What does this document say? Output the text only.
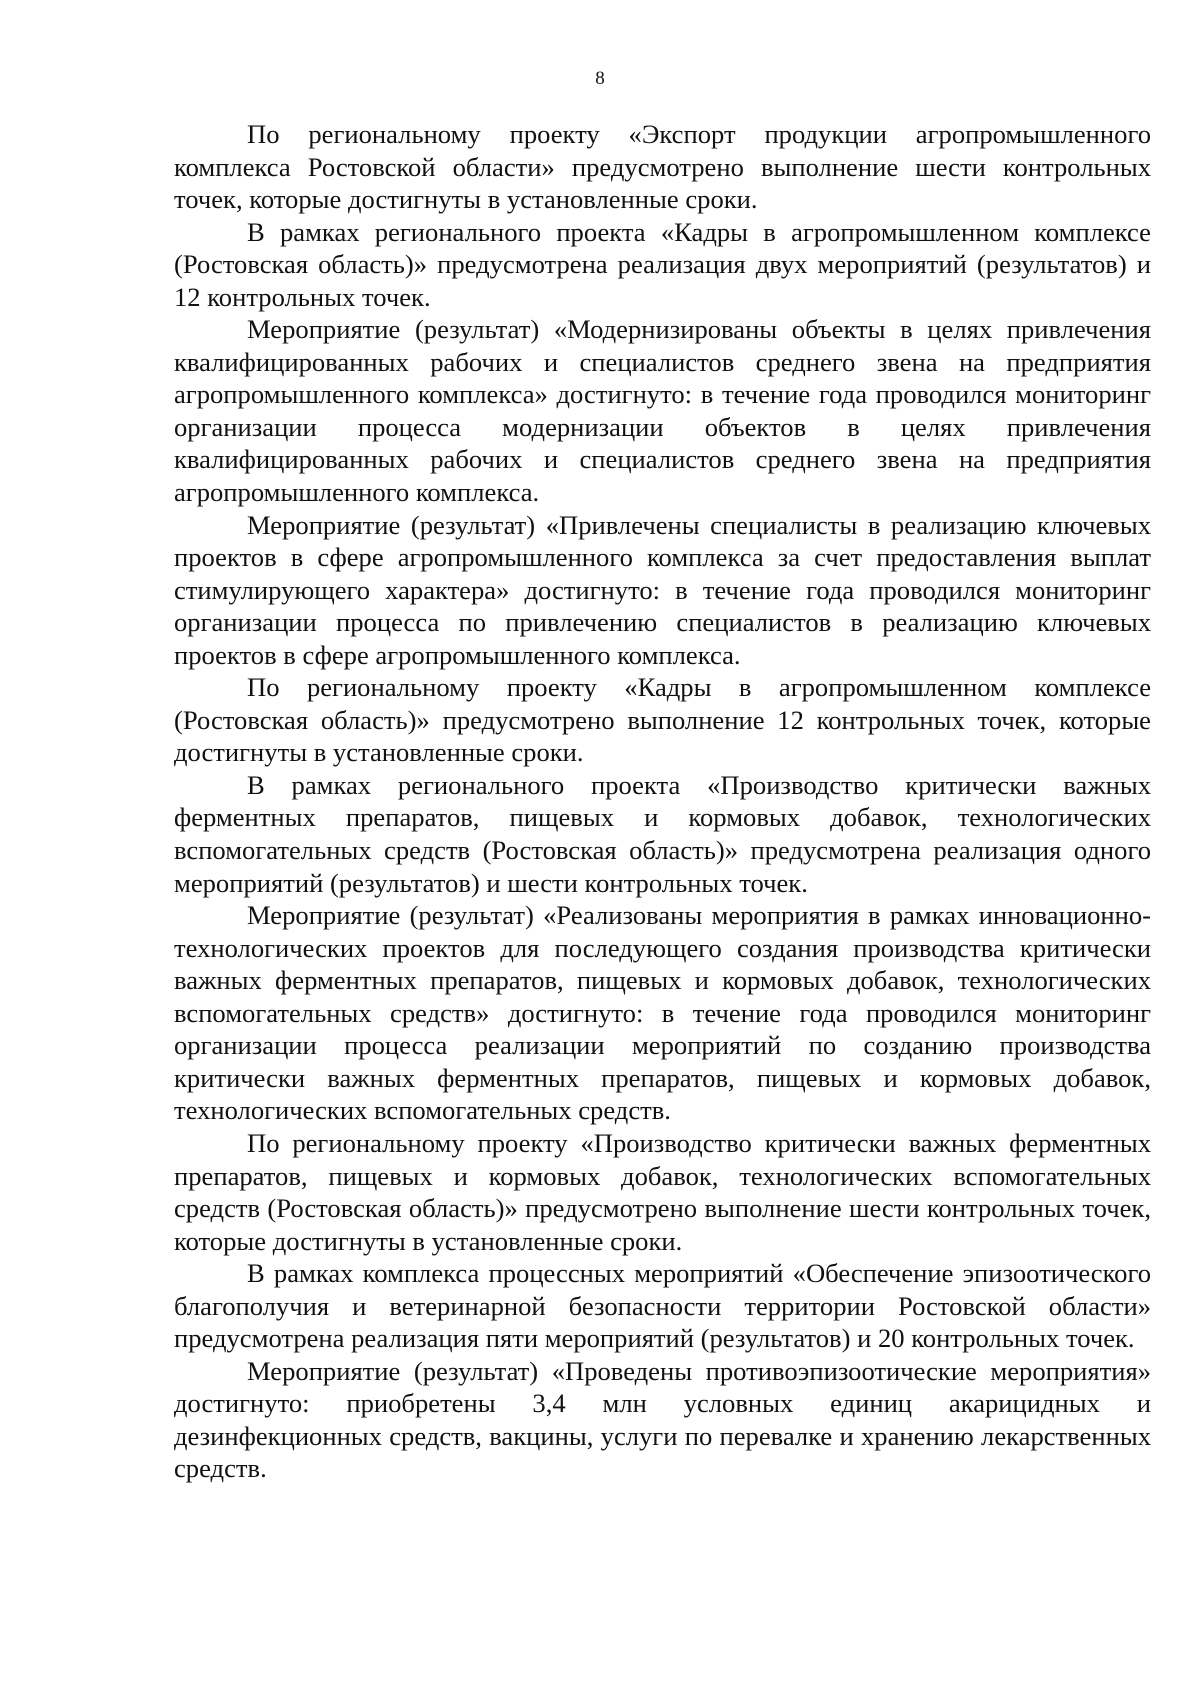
8

По региональному проекту «Экспорт продукции агропромышленного комплекса Ростовской области» предусмотрено выполнение шести контрольных точек, которые достигнуты в установленные сроки.

В рамках регионального проекта «Кадры в агропромышленном комплексе (Ростовская область)» предусмотрена реализация двух мероприятий (результатов) и 12 контрольных точек.

Мероприятие (результат) «Модернизированы объекты в целях привлечения квалифицированных рабочих и специалистов среднего звена на предприятия агропромышленного комплекса» достигнуто: в течение года проводился мониторинг организации процесса модернизации объектов в целях привлечения квалифицированных рабочих и специалистов среднего звена на предприятия агропромышленного комплекса.

Мероприятие (результат) «Привлечены специалисты в реализацию ключевых проектов в сфере агропромышленного комплекса за счет предоставления выплат стимулирующего характера» достигнуто: в течение года проводился мониторинг организации процесса по привлечению специалистов в реализацию ключевых проектов в сфере агропромышленного комплекса.

По региональному проекту «Кадры в агропромышленном комплексе (Ростовская область)» предусмотрено выполнение 12 контрольных точек, которые достигнуты в установленные сроки.

В рамках регионального проекта «Производство критически важных ферментных препаратов, пищевых и кормовых добавок, технологических вспомогательных средств (Ростовская область)» предусмотрена реализация одного мероприятий (результатов) и шести контрольных точек.

Мероприятие (результат) «Реализованы мероприятия в рамках инновационно-технологических проектов для последующего создания производства критически важных ферментных препаратов, пищевых и кормовых добавок, технологических вспомогательных средств» достигнуто: в течение года проводился мониторинг организации процесса реализации мероприятий по созданию производства критически важных ферментных препаратов, пищевых и кормовых добавок, технологических вспомогательных средств.

По региональному проекту «Производство критически важных ферментных препаратов, пищевых и кормовых добавок, технологических вспомогательных средств (Ростовская область)» предусмотрено выполнение шести контрольных точек, которые достигнуты в установленные сроки.

В рамках комплекса процессных мероприятий «Обеспечение эпизоотического благополучия и ветеринарной безопасности территории Ростовской области» предусмотрена реализация пяти мероприятий (результатов) и 20 контрольных точек.

Мероприятие (результат) «Проведены противоэпизоотические мероприятия» достигнуто: приобретены 3,4 млн условных единиц акарицидных и дезинфекционных средств, вакцины, услуги по перевалке и хранению лекарственных средств.
